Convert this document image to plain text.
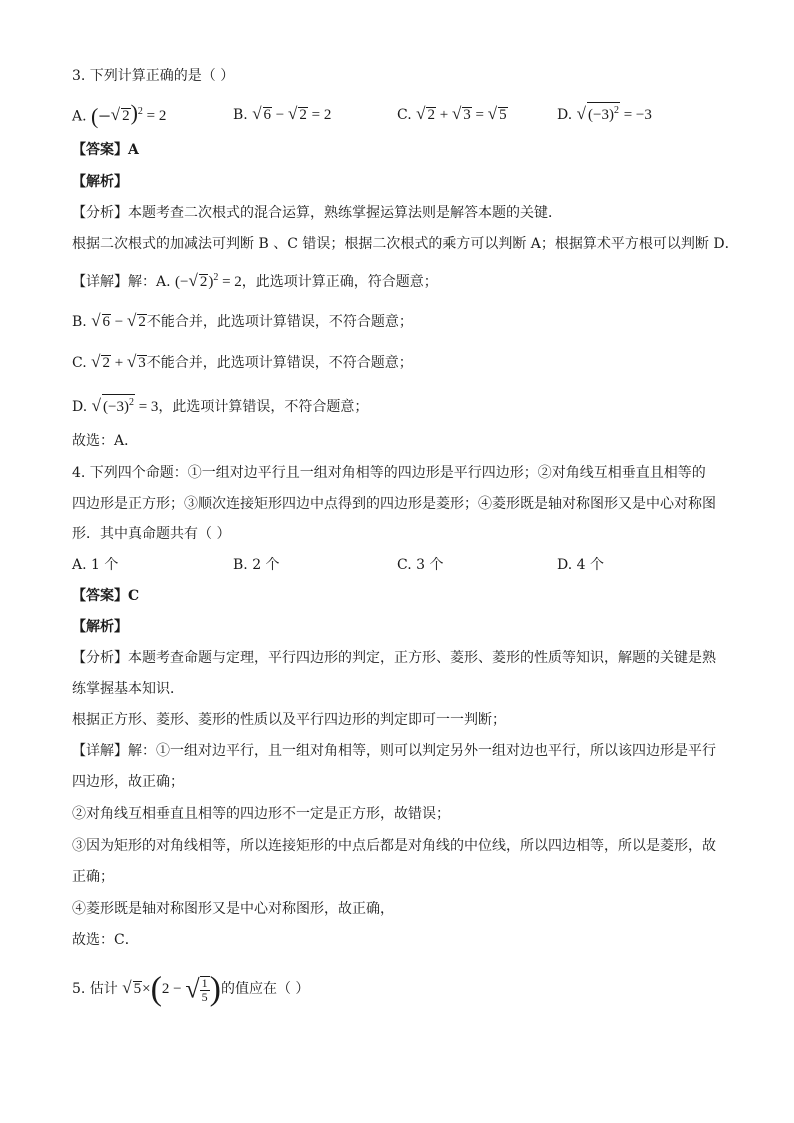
3. 下列计算正确的是（ ）
A. (−√ 2)$^2$ = 2	B. √ 6 − √ 2 = 2	C. √ 2 + √ 3 = √ 5	D. √ $(-3)^2 = -3$
【答案】A
【解析】
【分析】本题考查二次根式的混合运算，熟练掌握运算法则是解答本题的关键．
根据二次根式的加减法可判断 B 、C 错误；根据二次根式的乘方可以判断 A；根据算术平方根可以判断 D．
【详解】解：A. (−√ 2)$^2$ = 2，此选项计算正确，符合题意；
B. √ 6 − √ 2不能合并，此选项计算错误，不符合题意；
C. √ 2 + √ 3不能合并，此选项计算错误，不符合题意；
D. √ $(-3)^2 = 3$，此选项计算错误，不符合题意；
故选：A．
4. 下列四个命题：①一组对边平行且一组对角相等的四边形是平行四边形；②对角线互相垂直且相等的
四边形是正方形；③顺次连接矩形四边中点得到的四边形是菱形；④菱形既是轴对称图形又是中心对称图
形．其中真命题共有（ ）
A. 1 个	B. 2 个	C. 3 个	D. 4 个
【答案】C
【解析】
【分析】本题考查命题与定理，平行四边形的判定，正方形、菱形、菱形的性质等知识，解题的关键是熟
练掌握基本知识．
根据正方形、菱形、菱形的性质以及平行四边形的判定即可一一判断；
【详解】解：①一组对边平行，且一组对角相等，则可以判定另外一组对边也平行，所以该四边形是平行
四边形，故正确；
②对角线互相垂直且相等的四边形不一定是正方形，故错误；
③因为矩形的对角线相等，所以连接矩形的中点后都是对角线的中位线，所以四边相等，所以是菱形，故
正确；
④菱形既是轴对称图形又是中心对称图形，故正确，
故选：C．
5. 估计 √ 5×(2 − √ $\frac{1}{5}$ )的值应在（ ）
